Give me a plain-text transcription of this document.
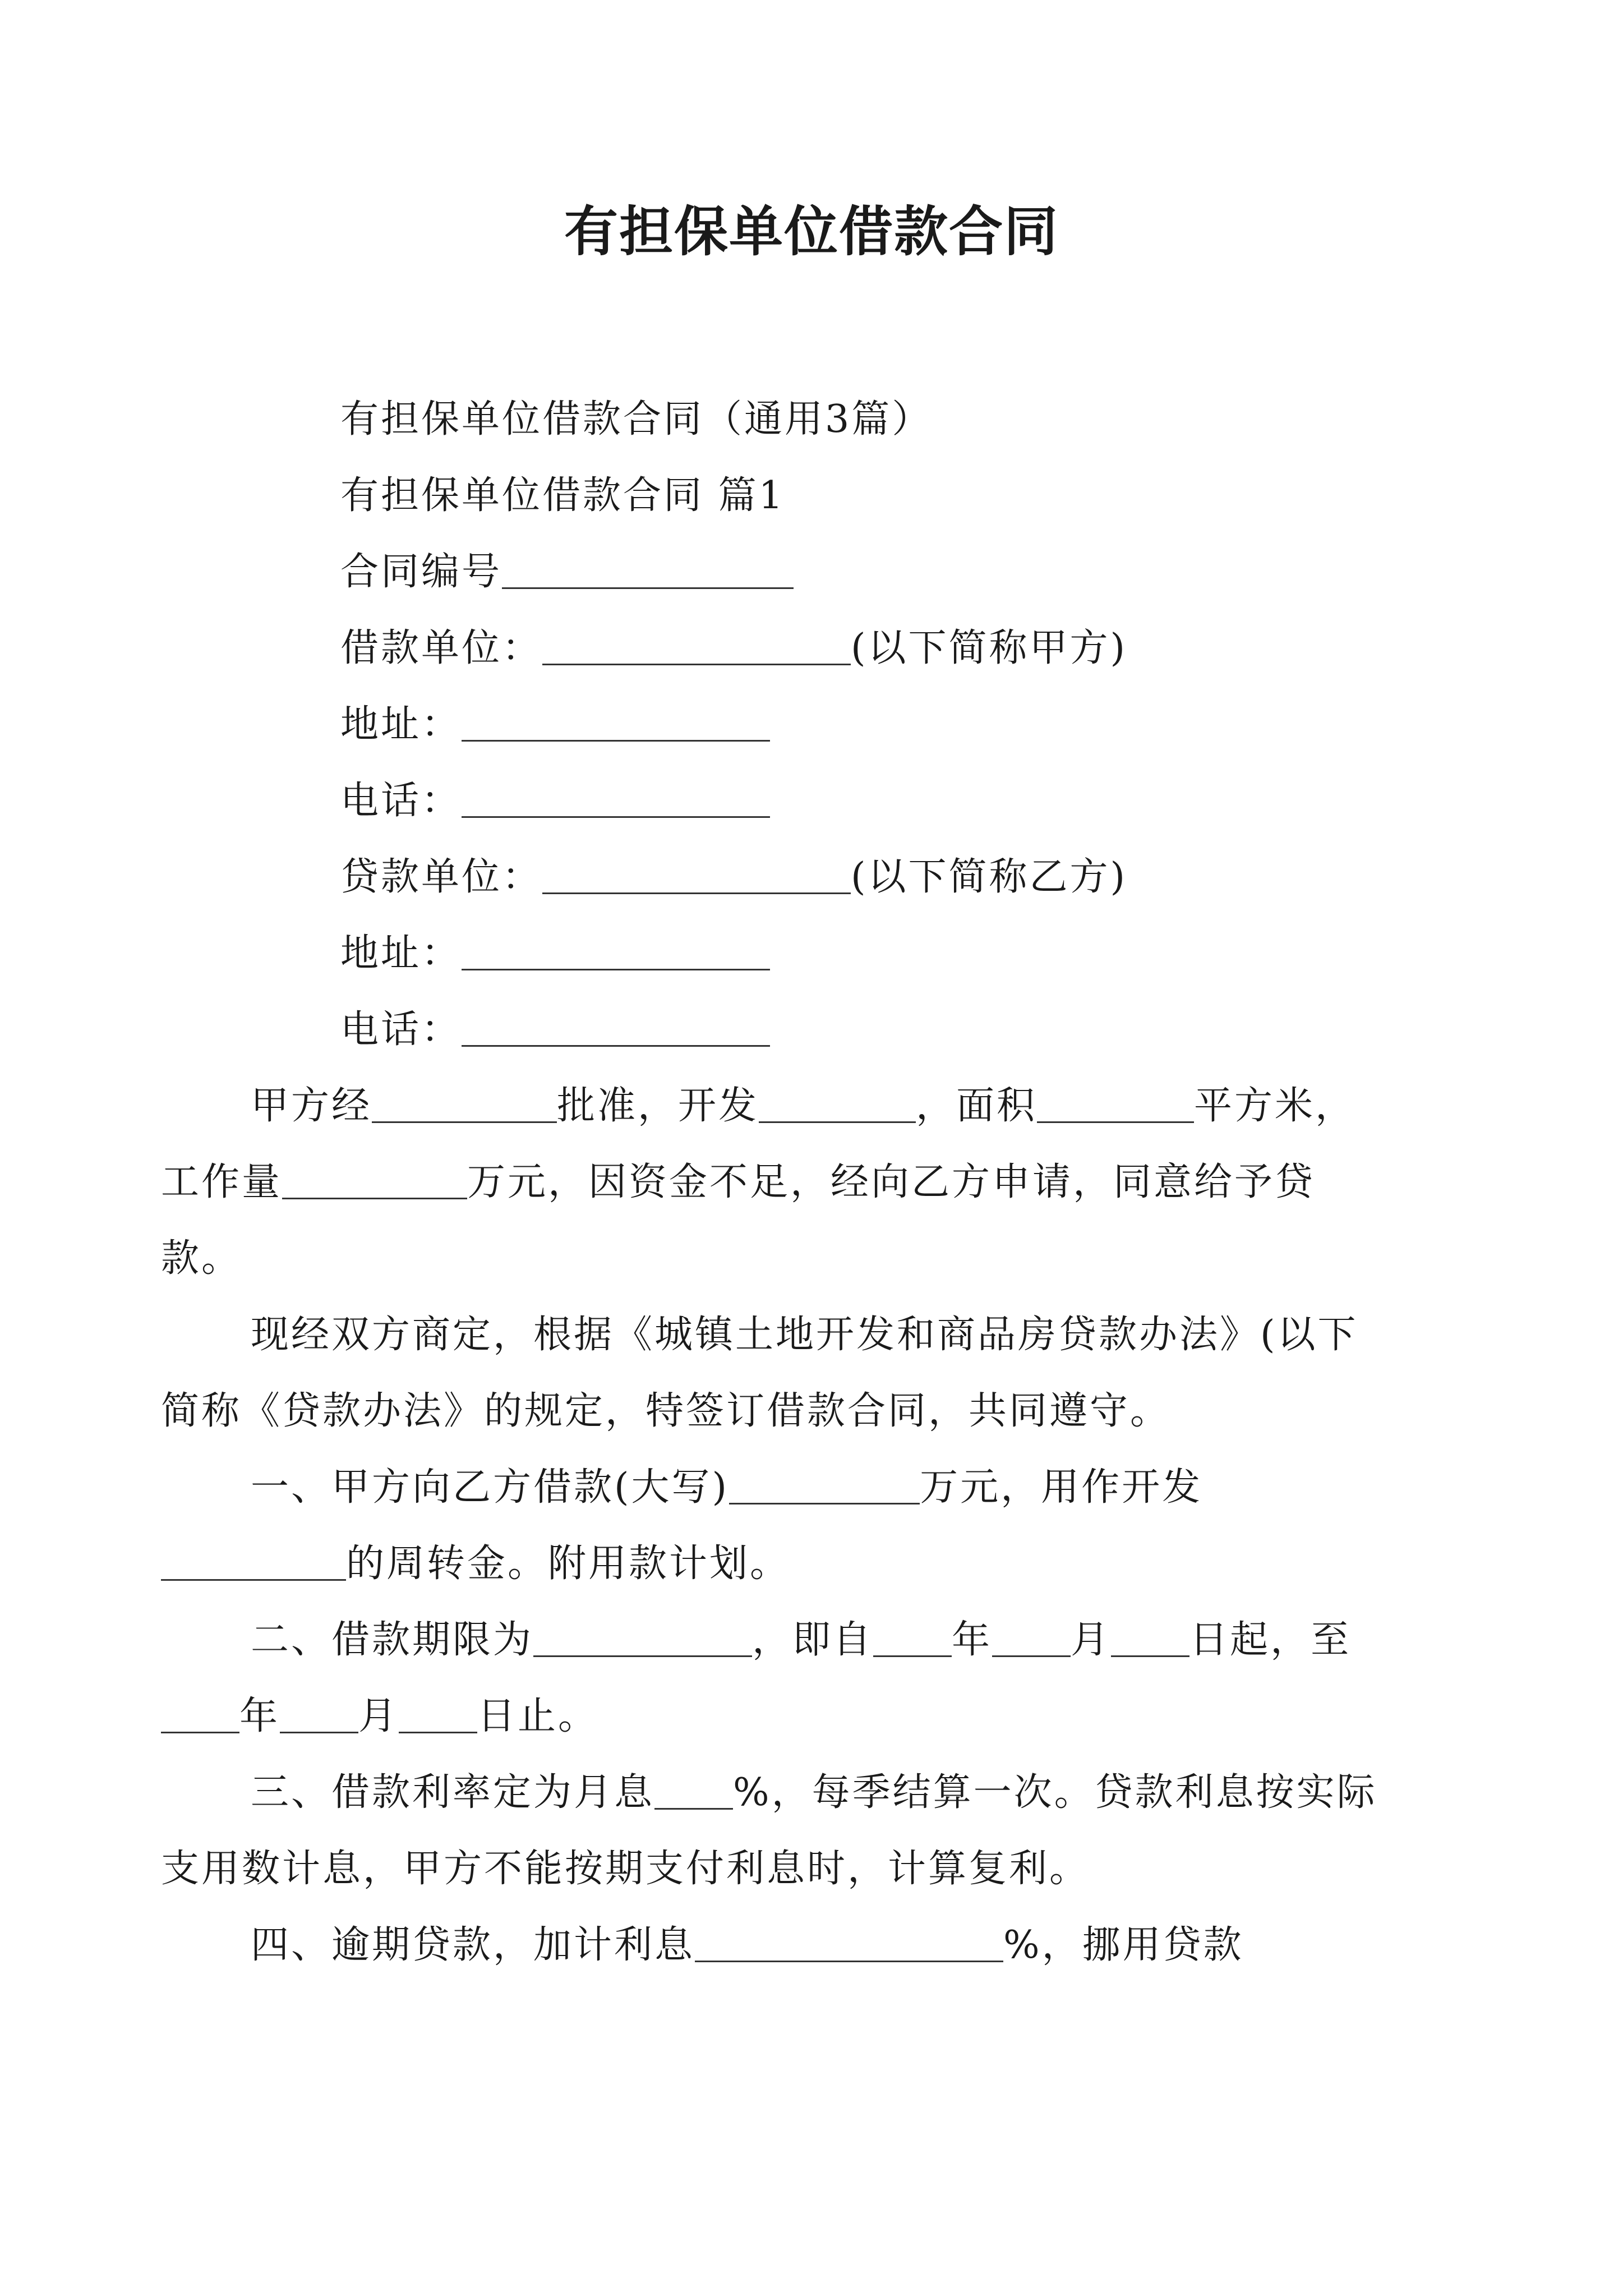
有担保单位借款合同

有担保单位借款合同（通用3篇）

有担保单位借款合同 篇1

合同编号

借款单位：	(以下简称甲方)

地址：

电话：

贷款单位：	(以下简称乙方)

地址：

电话：

甲方经	批准，开发	，面积	平方米，工作量	万元，因资金不足，经向乙方申请，同意给予贷款。

现经双方商定，根据《城镇土地开发和商品房贷款办法》(以下简称《贷款办法》的规定，特签订借款合同，共同遵守。

一、甲方向乙方借款(大写)	万元，用作开发的周转金。附用款计划。

二、借款期限为	，即自 年 月 日起，至年 月 日止。

三、借款利率定为月息 %，每季结算一次。贷款利息按实际支用数计息，甲方不能按期支付利息时，计算复利。

四、逾期贷款，加计利息	%，挪用贷款
